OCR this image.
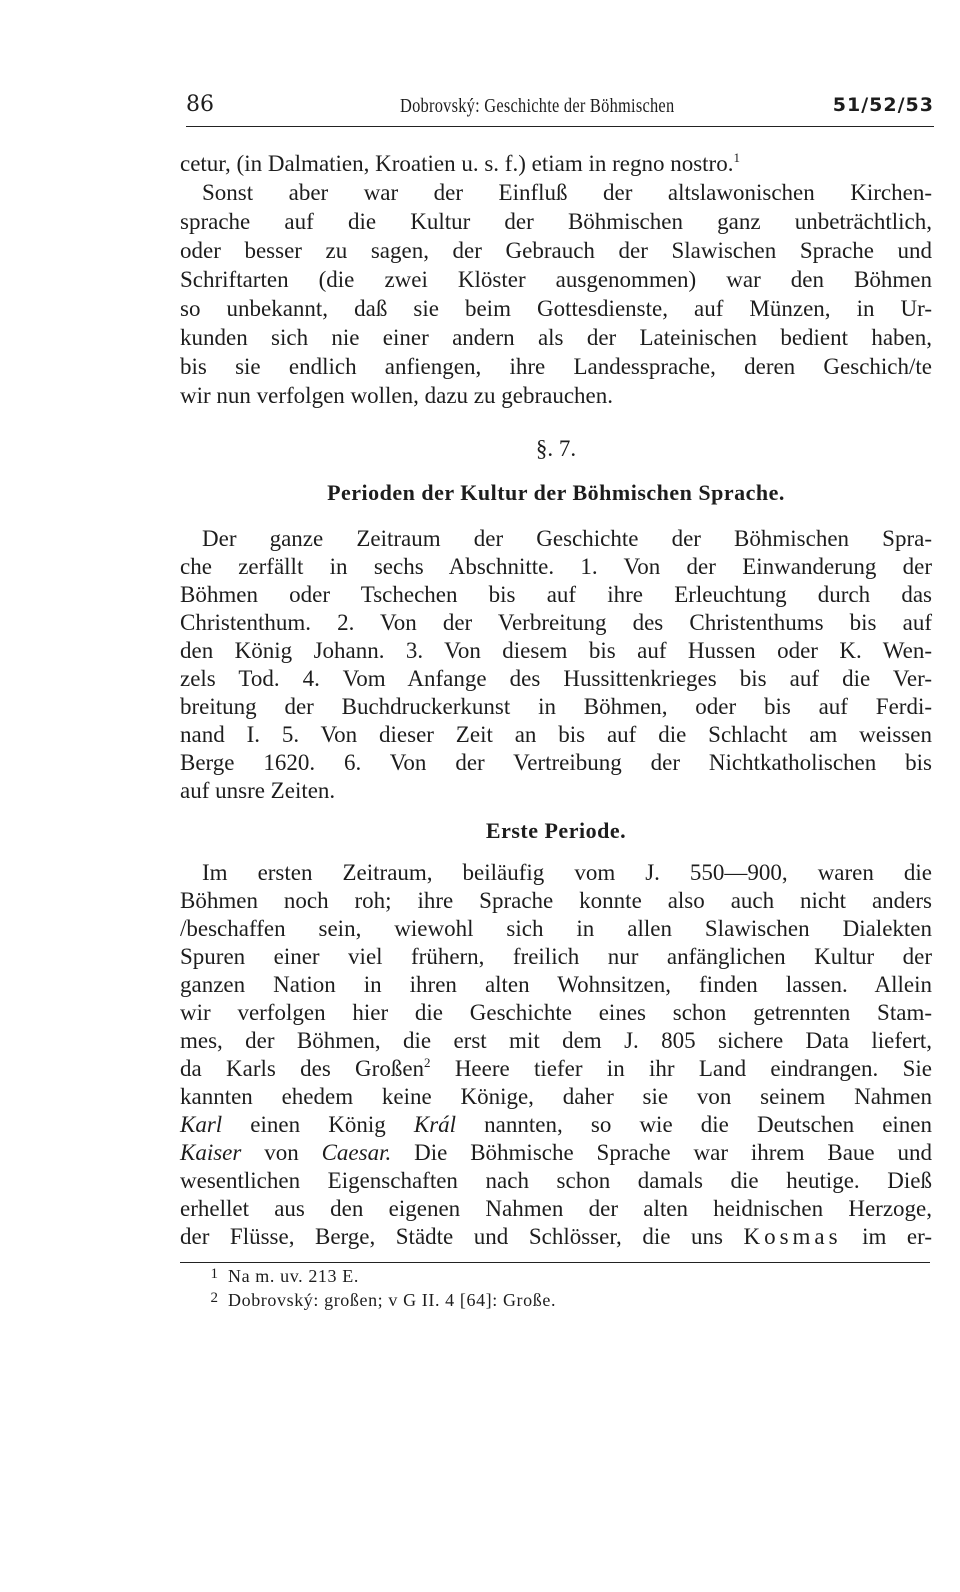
86	Dobrovský: Geschichte der Böhmischen	51/52/53
cetur, (in Dalmatien, Kroatien u. s. f.) etiam in regno nostro.$^1$
Sonst aber war der Einfluß der altslawonischen Kirchen-
sprache auf die Kultur der Böhmischen ganz unbeträchtlich,
oder besser zu sagen, der Gebrauch der Slawischen Sprache und
Schriftarten (die zwei Klöster ausgenommen) war den Böhmen
so unbekannt, daß sie beim Gottesdienste, auf Münzen, in Ur-
kunden sich nie einer andern als der Lateinischen bedient haben,
bis sie endlich anfiengen, ihre Landessprache, deren Geschich/te
wir nun verfolgen wollen, dazu zu gebrauchen.
§. 7.
Perioden der Kultur der Böhmischen Sprache.
Der ganze Zeitraum der Geschichte der Böhmischen Spra-
che zerfällt in sechs Abschnitte. 1. Von der Einwanderung der
Böhmen oder Tschechen bis auf ihre Erleuchtung durch das
Christenthum. 2. Von der Verbreitung des Christenthums bis auf
den König Johann. 3. Von diesem bis auf Hussen oder K. Wen-
zels Tod. 4. Vom Anfange des Hussittenkrieges bis auf die Ver-
breitung der Buchdruckerkunst in Böhmen, oder bis auf Ferdi-
nand I. 5. Von dieser Zeit an bis auf die Schlacht am weissen
Berge 1620. 6. Von der Vertreibung der Nichtkatholischen bis
auf unsre Zeiten.
Erste Periode.
Im ersten Zeitraum, beiläufig vom J. 550—900, waren die
Böhmen noch roh; ihre Sprache konnte also auch nicht anders
/beschaffen sein, wiewohl sich in allen Slawischen Dialekten
Spuren einer viel frühern, freilich nur anfänglichen Kultur der
ganzen Nation in ihren alten Wohnsitzen, finden lassen. Allein
wir verfolgen hier die Geschichte eines schon getrennten Stam-
mes, der Böhmen, die erst mit dem J. 805 sichere Data liefert,
da Karls des Großen$^2$ Heere tiefer in ihr Land eindrangen. Sie
kannten ehedem keine Könige, daher sie von seinem Nahmen
Karl einen König Král nannten, so wie die Deutschen einen
Kaiser von Caesar. Die Böhmische Sprache war ihrem Baue und
wesentlichen Eigenschaften nach schon damals die heutige. Dieß
erhellet aus den eigenen Nahmen der alten heidnischen Herzoge,
der Flüsse, Berge, Städte und Schlösser, die uns Kosmas im er-
1 Na m. uv. 213 E.
2 Dobrovský: großen; v G II. 4 [64]: Große.
